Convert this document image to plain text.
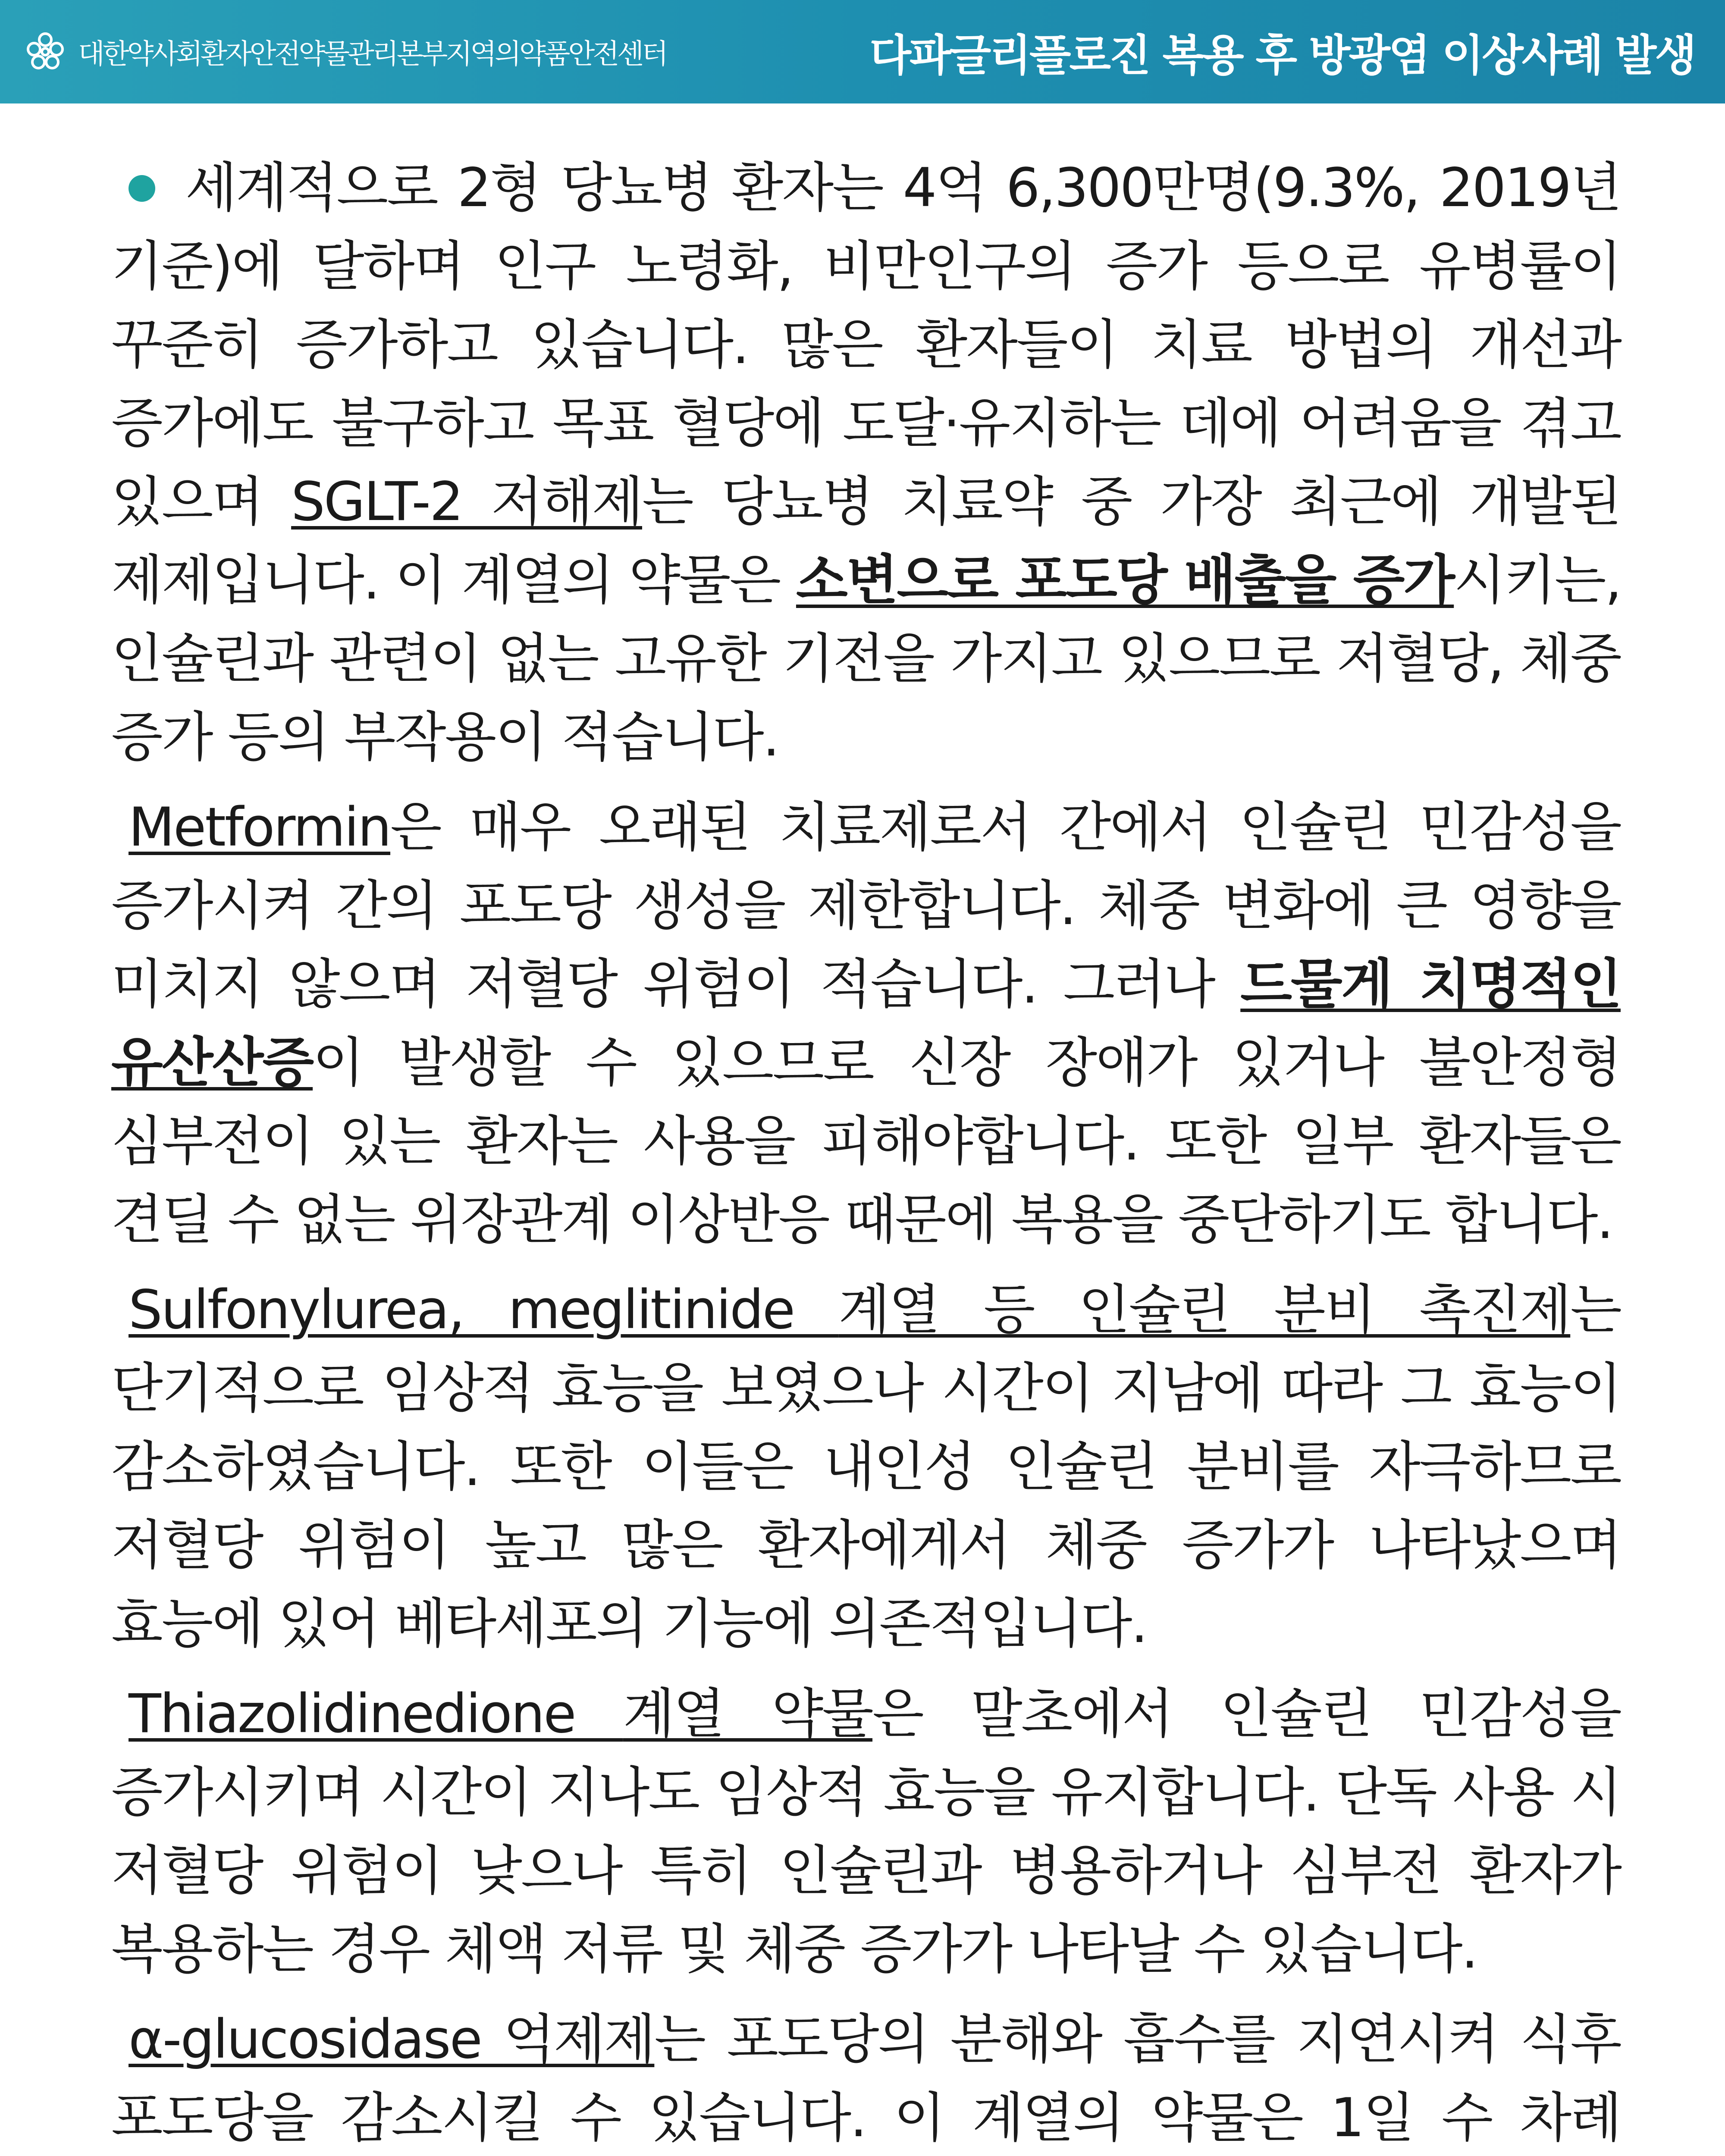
대한약사회환자안전약물관리본부지역의약품안전센터	다파글리플로진 복용 후 방광염 이상사례 발생

세계적으로 2형 당뇨병 환자는 4억 6,300만명(9.3%, 2019년 기준)에 달하며 인구 노령화, 비만인구의 증가 등으로 유병률이 꾸준히 증가하고 있습니다. 많은 환자들이 치료 방법의 개선과 증가에도 불구하고 목표 혈당에 도달·유지하는 데에 어려움을 겪고 있으며 SGLT-2 저해제는 당뇨병 치료약 중 가장 최근에 개발된 제제입니다. 이 계열의 약물은 소변으로 포도당 배출을 증가시키는, 인슐린과 관련이 없는 고유한 기전을 가지고 있으므로 저혈당, 체중 증가 등의 부작용이 적습니다.

Metformin은 매우 오래된 치료제로서 간에서 인슐린 민감성을 증가시켜 간의 포도당 생성을 제한합니다. 체중 변화에 큰 영향을 미치지 않으며 저혈당 위험이 적습니다. 그러나 드물게 치명적인 유산산증이 발생할 수 있으므로 신장 장애가 있거나 불안정형 심부전이 있는 환자는 사용을 피해야합니다. 또한 일부 환자들은 견딜 수 없는 위장관계 이상반응 때문에 복용을 중단하기도 합니다.

Sulfonylurea, meglitinide 계열 등 인슐린 분비 촉진제는 단기적으로 임상적 효능을 보였으나 시간이 지남에 따라 그 효능이 감소하였습니다. 또한 이들은 내인성 인슐린 분비를 자극하므로 저혈당 위험이 높고 많은 환자에게서 체중 증가가 나타났으며 효능에 있어 베타세포의 기능에 의존적입니다.

Thiazolidinedione 계열 약물은 말초에서 인슐린 민감성을 증가시키며 시간이 지나도 임상적 효능을 유지합니다. 단독 사용 시 저혈당 위험이 낮으나 특히 인슐린과 병용하거나 심부전 환자가 복용하는 경우 체액 저류 및 체중 증가가 나타날 수 있습니다.

α-glucosidase 억제제는 포도당의 분해와 흡수를 지연시켜 식후 포도당을 감소시킬 수 있습니다. 이 계열의 약물은 1일 수 차례
